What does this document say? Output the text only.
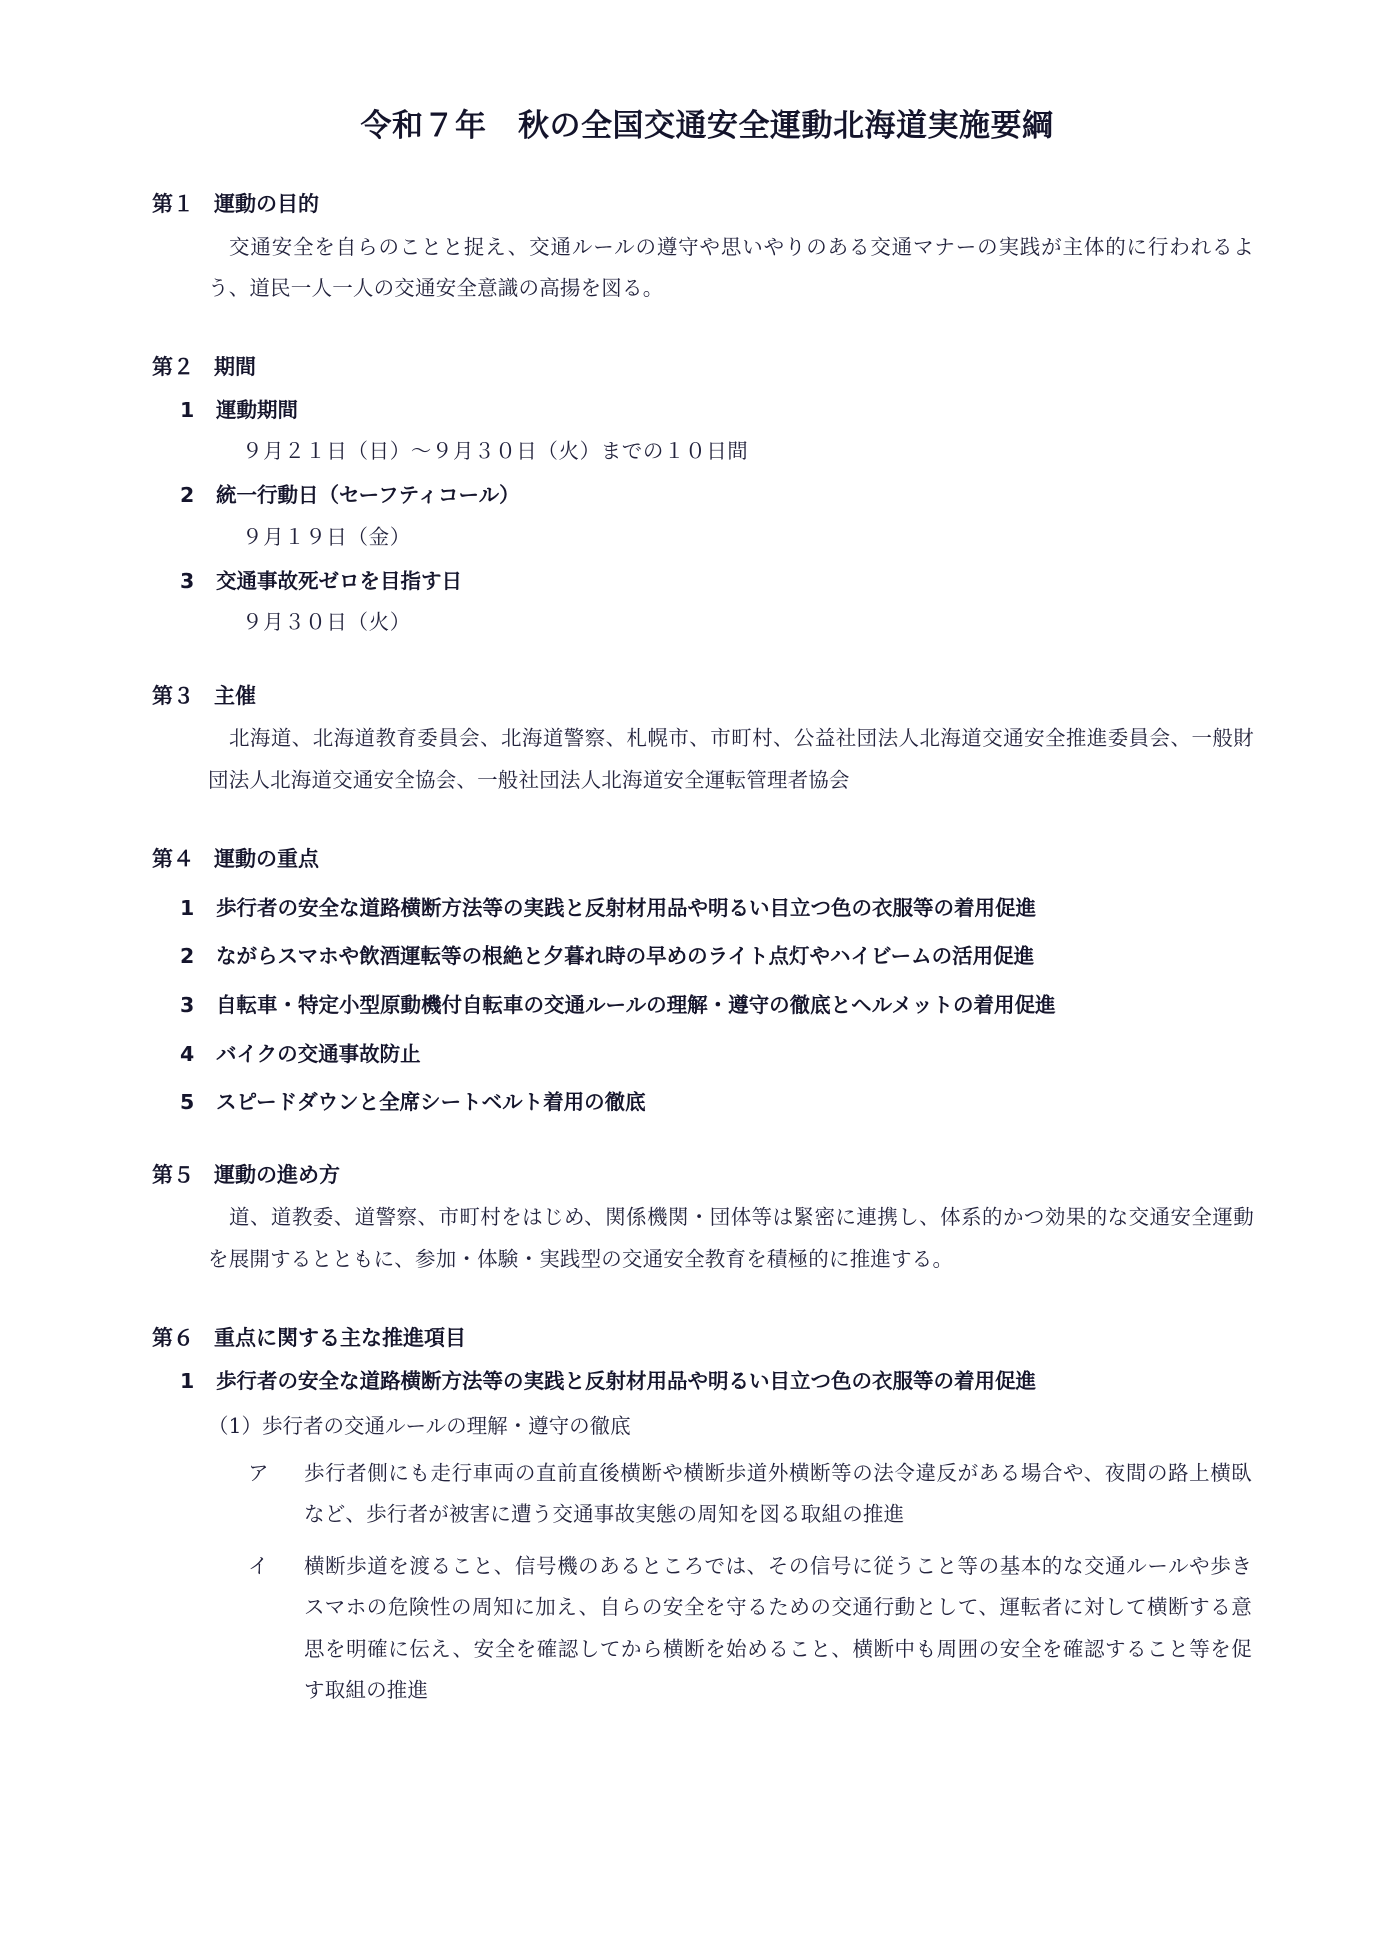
令和７年　秋の全国交通安全運動北海道実施要綱
第１ 運動の目的

交通安全を自らのことと捉え、交通ルールの遵守や思いやりのある交通マナーの実践が主体的に行われるよう、道民一人一人の交通安全意識の高揚を図る。

第２ 期間
1	運動期間
９月２１日（日）～９月３０日（火）までの１０日間
2	統一行動日（セーフティコール）
９月１９日（金）
3	交通事故死ゼロを目指す日
９月３０日（火）
第３ 主催

北海道、北海道教育委員会、北海道警察、札幌市、市町村、公益社団法人北海道交通安全推進委員会、一般財団法人北海道交通安全協会、一般社団法人北海道安全運転管理者協会

第４ 運動の重点
1	歩行者の安全な道路横断方法等の実践と反射材用品や明るい目立つ色の衣服等の着用促進
2	ながらスマホや飲酒運転等の根絶と夕暮れ時の早めのライト点灯やハイビームの活用促進
3	自転車・特定小型原動機付自転車の交通ルールの理解・遵守の徹底とヘルメットの着用促進
4	バイクの交通事故防止
5	スピードダウンと全席シートベルト着用の徹底
第５ 運動の進め方

道、道教委、道警察、市町村をはじめ、関係機関・団体等は緊密に連携し、体系的かつ効果的な交通安全運動を展開するとともに、参加・体験・実践型の交通安全教育を積極的に推進する。

第６ 重点に関する主な推進項目
1	歩行者の安全な道路横断方法等の実践と反射材用品や明るい目立つ色の衣服等の着用促進
（1）歩行者の交通ルールの理解・遵守の徹底
ア	歩行者側にも走行車両の直前直後横断や横断歩道外横断等の法令違反がある場合や、夜間の路上横臥など、歩行者が被害に遭う交通事故実態の周知を図る取組の推進
イ	横断歩道を渡ること、信号機のあるところでは、その信号に従うこと等の基本的な交通ルールや歩きスマホの危険性の周知に加え、自らの安全を守るための交通行動として、運転者に対して横断する意思を明確に伝え、安全を確認してから横断を始めること、横断中も周囲の安全を確認すること等を促す取組の推進
